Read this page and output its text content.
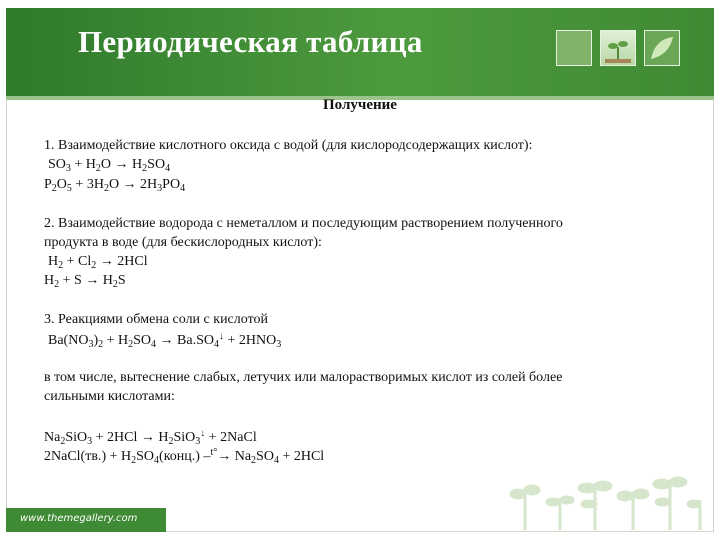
Периодическая таблица
Получение
1. Взаимодействие кислотного оксида с водой (для кислородсодержащих кислот):
$SO_3 + H_2O \to H_2SO_4$
$P_2O_5 + 3H_2O \to 2H_3PO_4$
2. Взаимодействие водорода с неметаллом и последующим растворением полученного
продукта в воде (для бескислородных кислот):
$H_2 + Cl_2 \to 2HCl$
$H_2 + S \to H_2S$
3. Реакциями обмена соли с кислотой
$Ba(NO_3)_2 + H_2SO_4 \to Ba.SO_4^↓ + 2HNO_3$
в том числе, вытеснение слабых, летучих или малорастворимых кислот из солей более
сильными кислотами:
$Na_2SiO_3 + 2HCl \to H_2SiO_3^↓$ + 2NaCl
2NaCl(тв.) + $H_2SO_4(конц.)$ $-^{t^\circ}\to Na_2SO_4 + 2HCl$
www.themegallery.com
